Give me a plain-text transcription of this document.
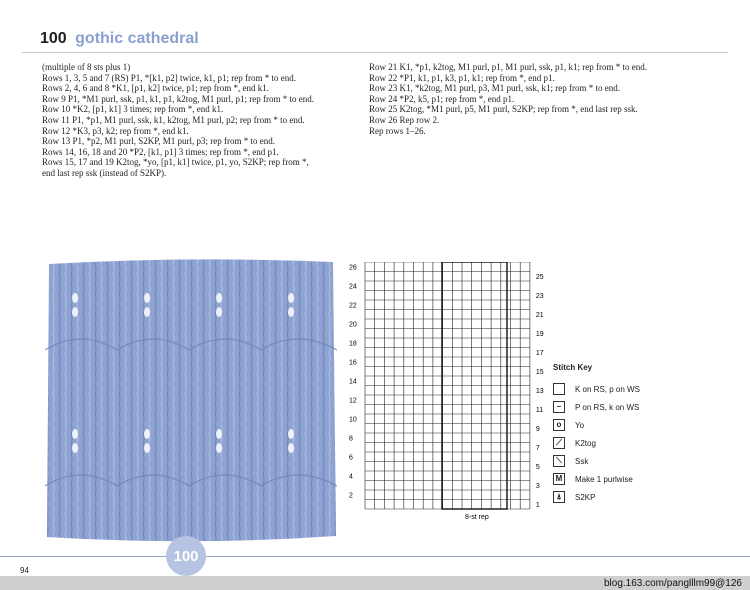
100 gothic cathedral
(multiple of 8 sts plus 1)
Rows 1, 3, 5 and 7 (RS) P1, *[k1, p2] twice, k1, p1; rep from * to end.
Rows 2, 4, 6 and 8 *K1, [p1, k2] twice, p1; rep from *, end k1.
Row 9 P1, *M1 purl, ssk, p1, k1, p1, k2tog, M1 purl, p1; rep from * to end.
Row 10 *K2, [p1, k1] 3 times; rep from *, end k1.
Row 11 P1, *p1, M1 purl, ssk, k1, k2tog, M1 purl, p2; rep from * to end.
Row 12 *K3, p3, k2; rep from *, end k1.
Row 13 P1, *p2, M1 purl, S2KP, M1 purl, p3; rep from * to end.
Rows 14, 16, 18 and 20 *P2, [k1, p1] 3 times; rep from *, end p1.
Rows 15, 17 and 19 K2tog, *yo, [p1, k1] twice, p1, yo, S2KP; rep from *,
end last rep ssk (instead of S2KP).
Row 21 K1, *p1, k2tog, M1 purl, p1, M1 purl, ssk, p1, k1; rep from * to end.
Row 22 *P1, k1, p1, k3, p1, k1; rep from *, end p1.
Row 23 K1, *k2tog, M1 purl, p3, M1 purl, ssk, k1; rep from * to end.
Row 24 *P2, k5, p1; rep from *, end p1.
Row 25 K2tog, *M1 purl, p5, M1 purl, S2KP; rep from *, end last rep ssk.
Row 26 Rep row 2.
Rep rows 1–26.
26
24
22
20
18
16
14
12
10
8
6
4
2
25
23
21
19
17
15
13
11
9
7
5
3
1
8-st rep
Stitch Key
K on RS, p on WS
–	P on RS, k on WS
o	Yo
⟋	K2tog
⟍	Ssk
M	Make 1 purlwise
⍋	S2KP
100
94
blog.163.com/panglllm99@126
